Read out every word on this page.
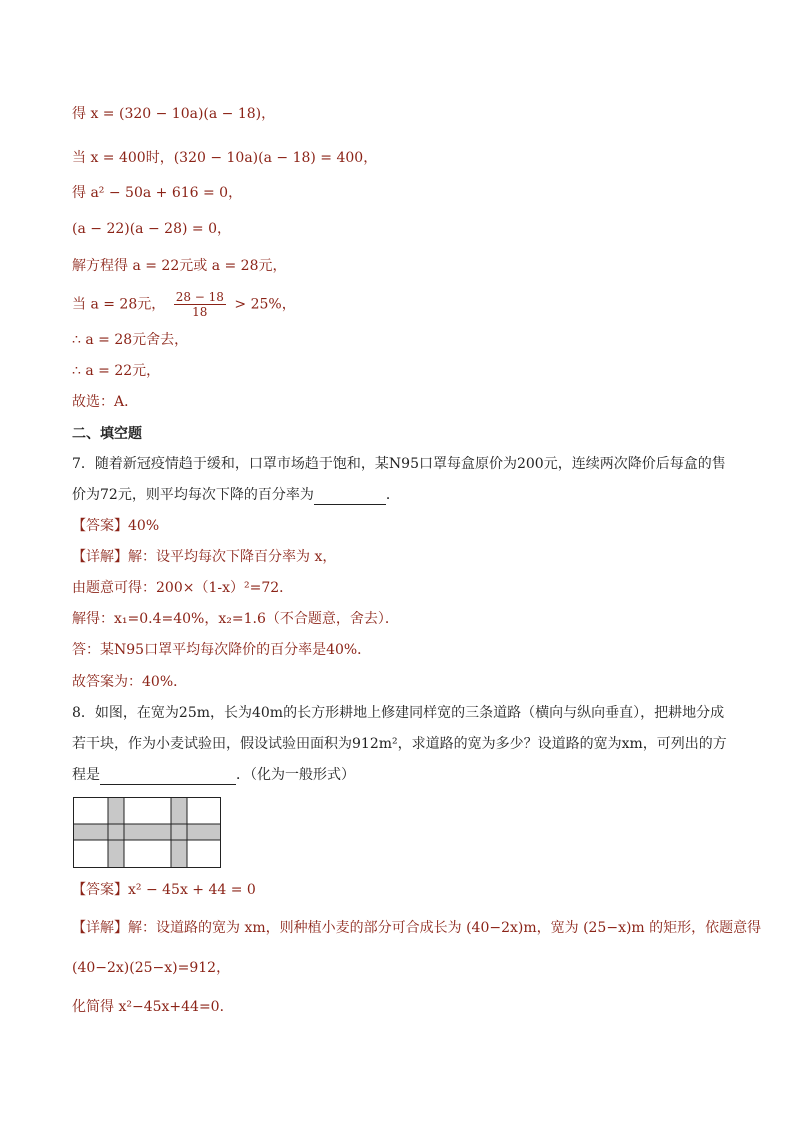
得 x = (320 − 10a)(a − 18)，
当 x = 400时，(320 − 10a)(a − 18) = 400，
得 a² − 50a + 616 = 0，
(a − 22)(a − 28) = 0，
解方程得 a = 22元或 a = 28元，
当 a = 28元， $\frac{28 - 18}{18} > 25\%$，
∴ a = 28元舍去，
∴ a = 22元，
故选：A．
二、填空题
7．随着新冠疫情趋于缓和，口罩市场趋于饱和，某N95口罩每盒原价为200元，连续两次降价后每盒的售
价为72元，则平均每次下降的百分率为	．
【答案】40%
【详解】解：设平均每次下降百分率为 x，
由题意可得：200×（1-x）²=72．
解得：x₁=0.4=40%，x₂=1.6（不合题意，舍去）．
答：某N95口罩平均每次降价的百分率是40%．
故答案为：40%．
8．如图，在宽为25m，长为40m的长方形耕地上修建同样宽的三条道路（横向与纵向垂直），把耕地分成
若干块，作为小麦试验田，假设试验田面积为912m²，求道路的宽为多少？设道路的宽为xm，可列出的方
程是	．（化为一般形式）
【答案】x² − 45x + 44 = 0
【详解】解：设道路的宽为 xm，则种植小麦的部分可合成长为 (40−2x)m，宽为 (25−x)m 的矩形，依题意得
(40−2x)(25−x)=912，
化简得 x²−45x+44=0．
